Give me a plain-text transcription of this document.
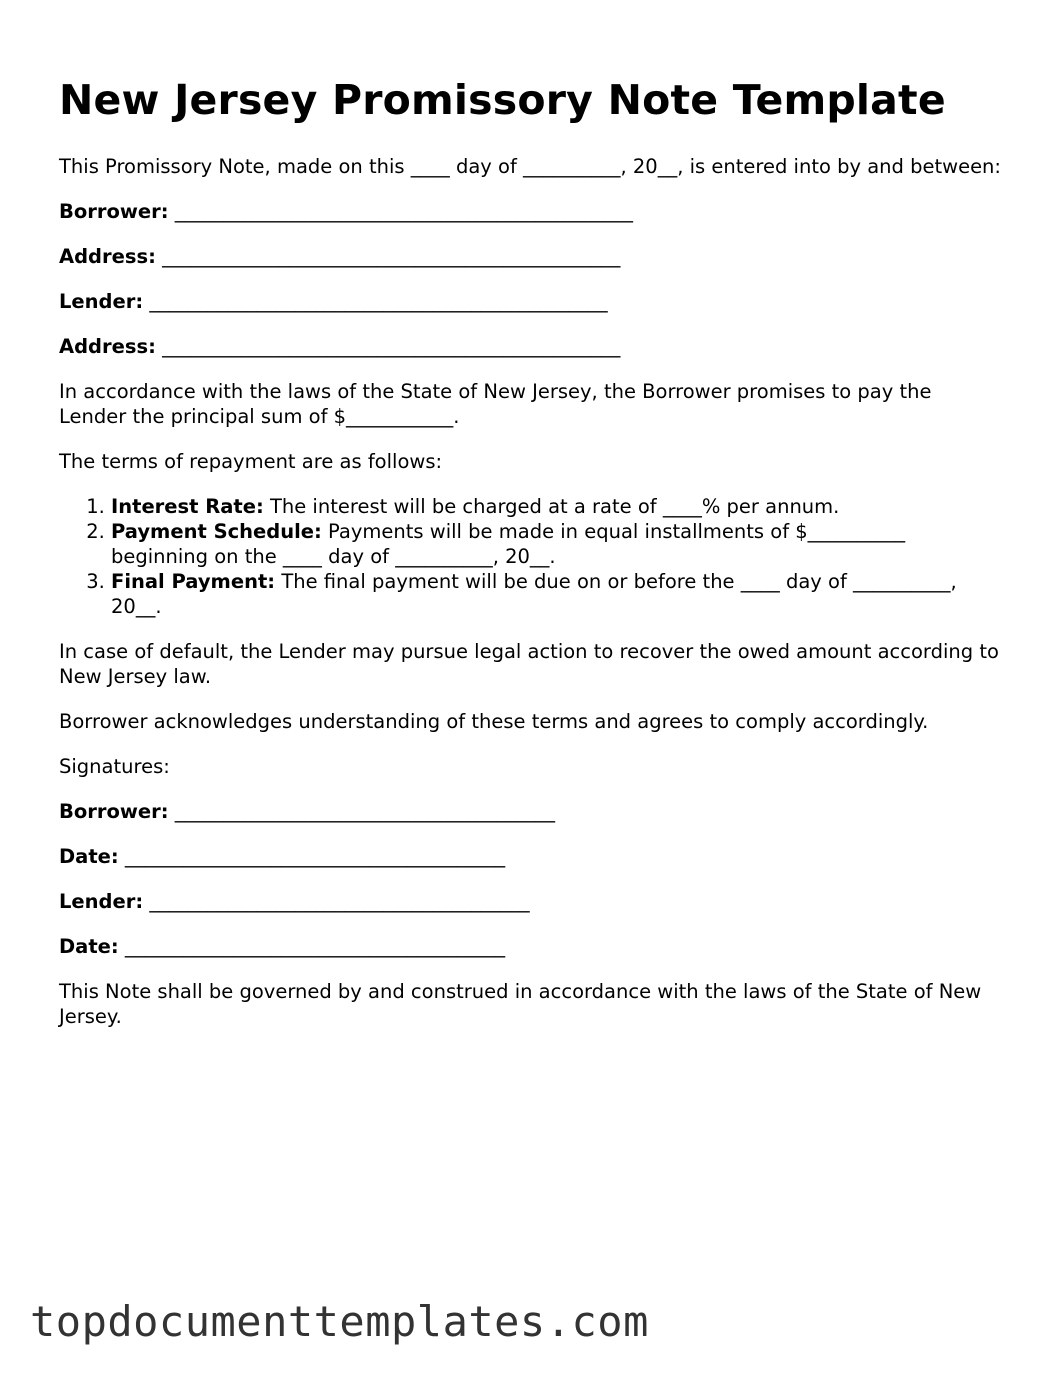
New Jersey Promissory Note Template

This Promissory Note, made on this ____ day of __________, 20__, is entered into by and between:

Borrower: _______________________________________________

Address: _______________________________________________

Lender: _______________________________________________

Address: _______________________________________________

In accordance with the laws of the State of New Jersey, the Borrower promises to pay the Lender the principal sum of $___________.

The terms of repayment are as follows:

1. Interest Rate: The interest will be charged at a rate of ____% per annum.
2. Payment Schedule: Payments will be made in equal installments of $__________ beginning on the ____ day of __________, 20__.
3. Final Payment: The final payment will be due on or before the ____ day of __________, 20__.

In case of default, the Lender may pursue legal action to recover the owed amount according to New Jersey law.

Borrower acknowledges understanding of these terms and agrees to comply accordingly.

Signatures:

Borrower: _______________________________________

Date: _______________________________________

Lender: _______________________________________

Date: _______________________________________

This Note shall be governed by and construed in accordance with the laws of the State of New Jersey.

topdocumenttemplates.com
